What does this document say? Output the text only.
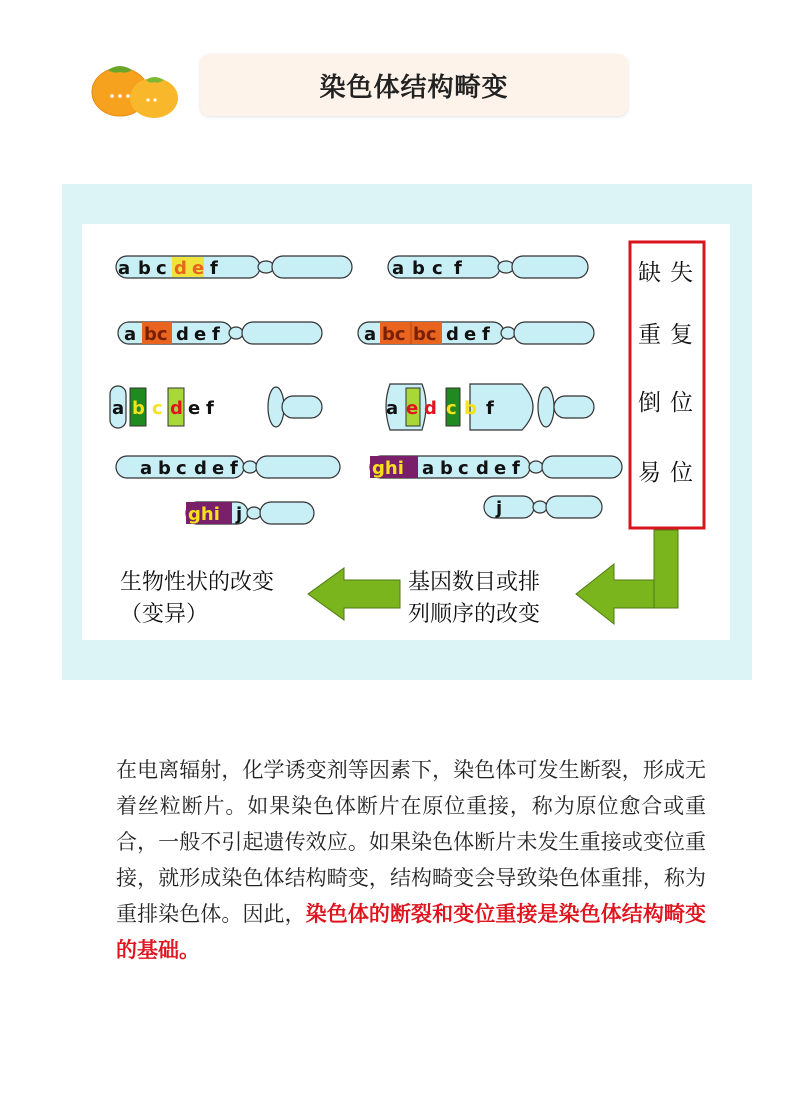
染色体结构畸变
a b c d e f	a b c f
a bc d e f	a bc bc d e f
a b c d e f	a e d c b f
a b c d e f	ghi a b c d e f
ghi j	j
缺 失
重 复
倒 位
易 位
基因数目或排
列顺序的改变
生物性状的改变
（变异）
在电离辐射，化学诱变剂等因素下，染色体可发生断裂，形成无着丝粒断片。如果染色体断片在原位重接，称为原位愈合或重合，一般不引起遗传效应。如果染色体断片未发生重接或变位重接，就形成染色体结构畸变，结构畸变会导致染色体重排，称为重排染色体。因此，染色体的断裂和变位重接是染色体结构畸变的基础。
